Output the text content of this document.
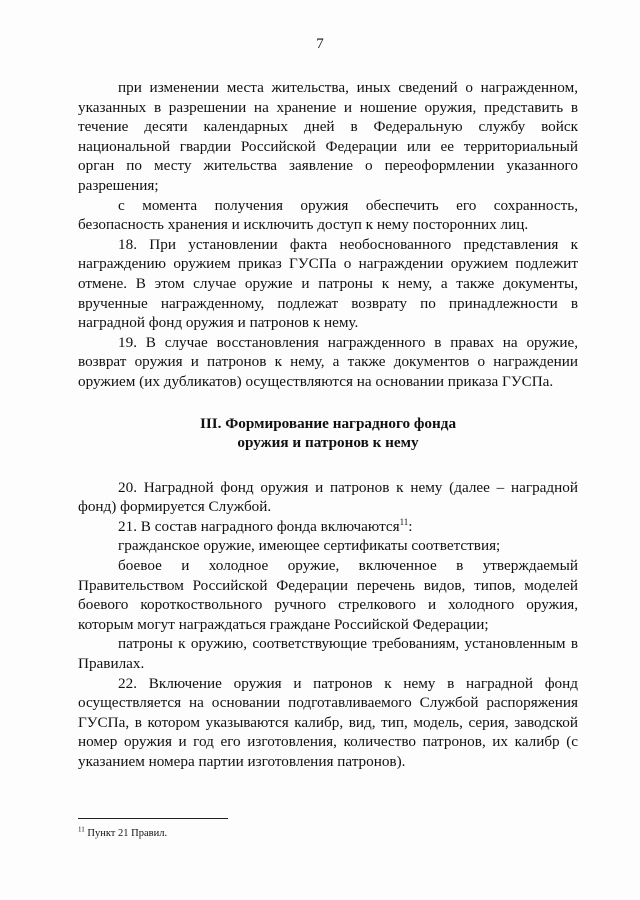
7

при изменении места жительства, иных сведений о награжденном, указанных в разрешении на хранение и ношение оружия, представить в течение десяти календарных дней в Федеральную службу войск национальной гвардии Российской Федерации или ее территориальный орган по месту жительства заявление о переоформлении указанного разрешения;

с момента получения оружия обеспечить его сохранность, безопасность хранения и исключить доступ к нему посторонних лиц.

18. При установлении факта необоснованного представления к награждению оружием приказ ГУСПа о награждении оружием подлежит отмене. В этом случае оружие и патроны к нему, а также документы, врученные награжденному, подлежат возврату по принадлежности в наградной фонд оружия и патронов к нему.

19. В случае восстановления награжденного в правах на оружие, возврат оружия и патронов к нему, а также документов о награждении оружием (их дубликатов) осуществляются на основании приказа ГУСПа.

III. Формирование наградного фонда
оружия и патронов к нему

20. Наградной фонд оружия и патронов к нему (далее – наградной фонд) формируется Службой.

21. В состав наградного фонда включаются$^{11}$:

гражданское оружие, имеющее сертификаты соответствия;

боевое и холодное оружие, включенное в утверждаемый Правительством Российской Федерации перечень видов, типов, моделей боевого короткоствольного ручного стрелкового и холодного оружия, которым могут награждаться граждане Российской Федерации;

патроны к оружию, соответствующие требованиям, установленным в Правилах.

22. Включение оружия и патронов к нему в наградной фонд осуществляется на основании подготавливаемого Службой распоряжения ГУСПа, в котором указываются калибр, вид, тип, модель, серия, заводской номер оружия и год его изготовления, количество патронов, их калибр (с указанием номера партии изготовления патронов).

$^{11}$ Пункт 21 Правил.
